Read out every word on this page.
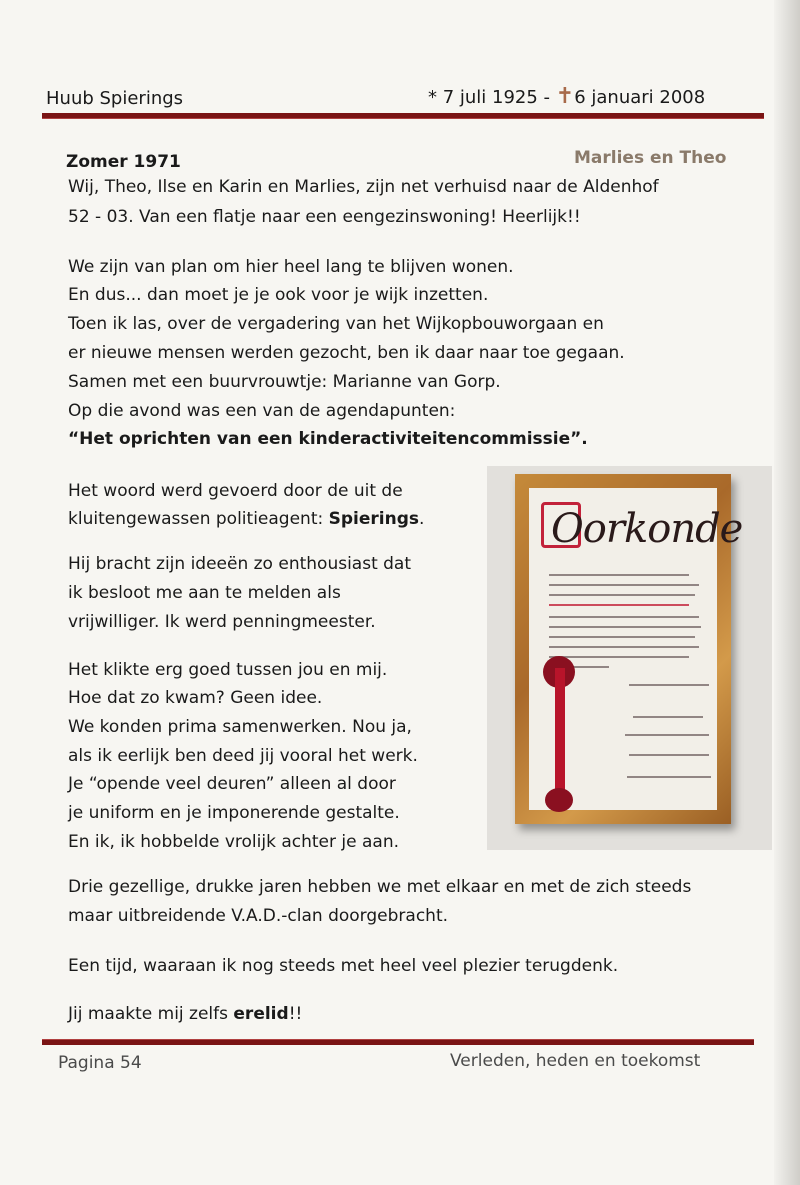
Huub Spierings	* 7 juli 1925 - ✝6 januari 2008
Zomer 1971	Marlies en Theo
Wij, Theo, Ilse en Karin en Marlies, zijn net verhuisd naar de Aldenhof
52 - 03. Van een flatje naar een eengezinswoning! Heerlijk!!
We zijn van plan om hier heel lang te blijven wonen.
En dus... dan moet je je ook voor je wijk inzetten.
Toen ik las, over de vergadering van het Wijkopbouworgaan en
er nieuwe mensen werden gezocht, ben ik daar naar toe gegaan.
Samen met een buurvrouwtje: Marianne van Gorp.
Op die avond was een van de agendapunten:
“Het oprichten van een kinderactiviteitencommissie”.
Het woord werd gevoerd door de uit de
kluitengewassen politieagent: Spierings.
Hij bracht zijn ideeën zo enthousiast dat
ik besloot me aan te melden als
vrijwilliger. Ik werd penningmeester.
Het klikte erg goed tussen jou en mij.
Hoe dat zo kwam? Geen idee.
We konden prima samenwerken. Nou ja,
als ik eerlijk ben deed jij vooral het werk.
Je “opende veel deuren” alleen al door
je uniform en je imponerende gestalte.
En ik, ik hobbelde vrolijk achter je aan.
Drie gezellige, drukke jaren hebben we met elkaar en met de zich steeds
maar uitbreidende V.A.D.-clan doorgebracht.
Een tijd, waaraan ik nog steeds met heel veel plezier terugdenk.
Jij maakte mij zelfs erelid!!
Oorkonde
Pagina 54	Verleden, heden en toekomst
